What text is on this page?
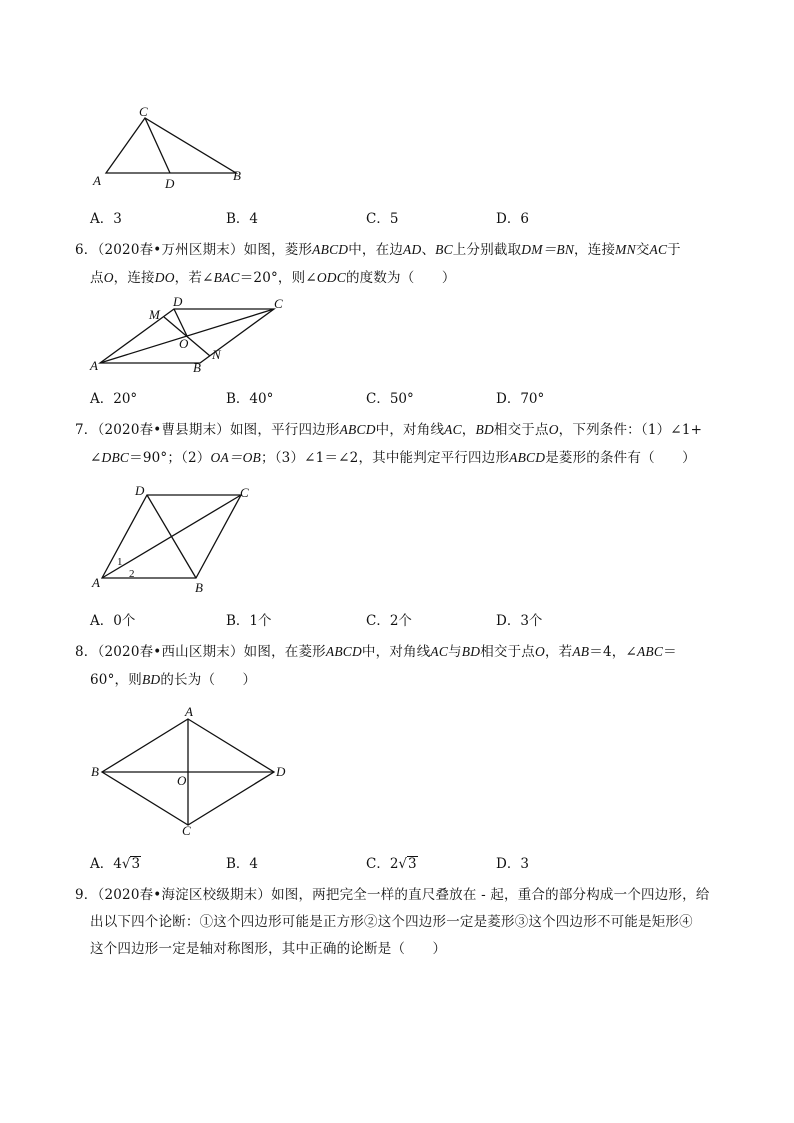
C
A	D
B
A．3	B．4	C．5	D．6
6．（2020春•万州区期末）如图，菱形ABCD中，在边AD、BC上分别截取DM＝BN，连接MN交AC于
点O，连接DO，若∠BAC＝20°，则∠ODC的度数为（　　）
M
D	C
O
A	B
N
A．20°	B．40°	C．50°	D．70°
7．（2020春•曹县期末）如图，平行四边形ABCD中，对角线AC，BD相交于点O，下列条件：（1）∠1+
∠DBC＝90°；（2）OA＝OB；（3）∠1＝∠2，其中能判定平行四边形ABCD是菱形的条件有（　　）
D	C
A	B
1
2
A．0个	B．1个	C．2个	D．3个
8．（2020春•西山区期末）如图，在菱形ABCD中，对角线AC与BD相交于点O，若AB＝4，∠ABC＝
60°，则BD的长为（　　）
A
B
O
D
C
A．4√3	B．4	C．2√3	D．3
9．（2020春•海淀区校级期末）如图，两把完全一样的直尺叠放在 - 起，重合的部分构成一个四边形，给
出以下四个论断：①这个四边形可能是正方形②这个四边形一定是菱形③这个四边形不可能是矩形④
这个四边形一定是轴对称图形，其中正确的论断是（　　）
